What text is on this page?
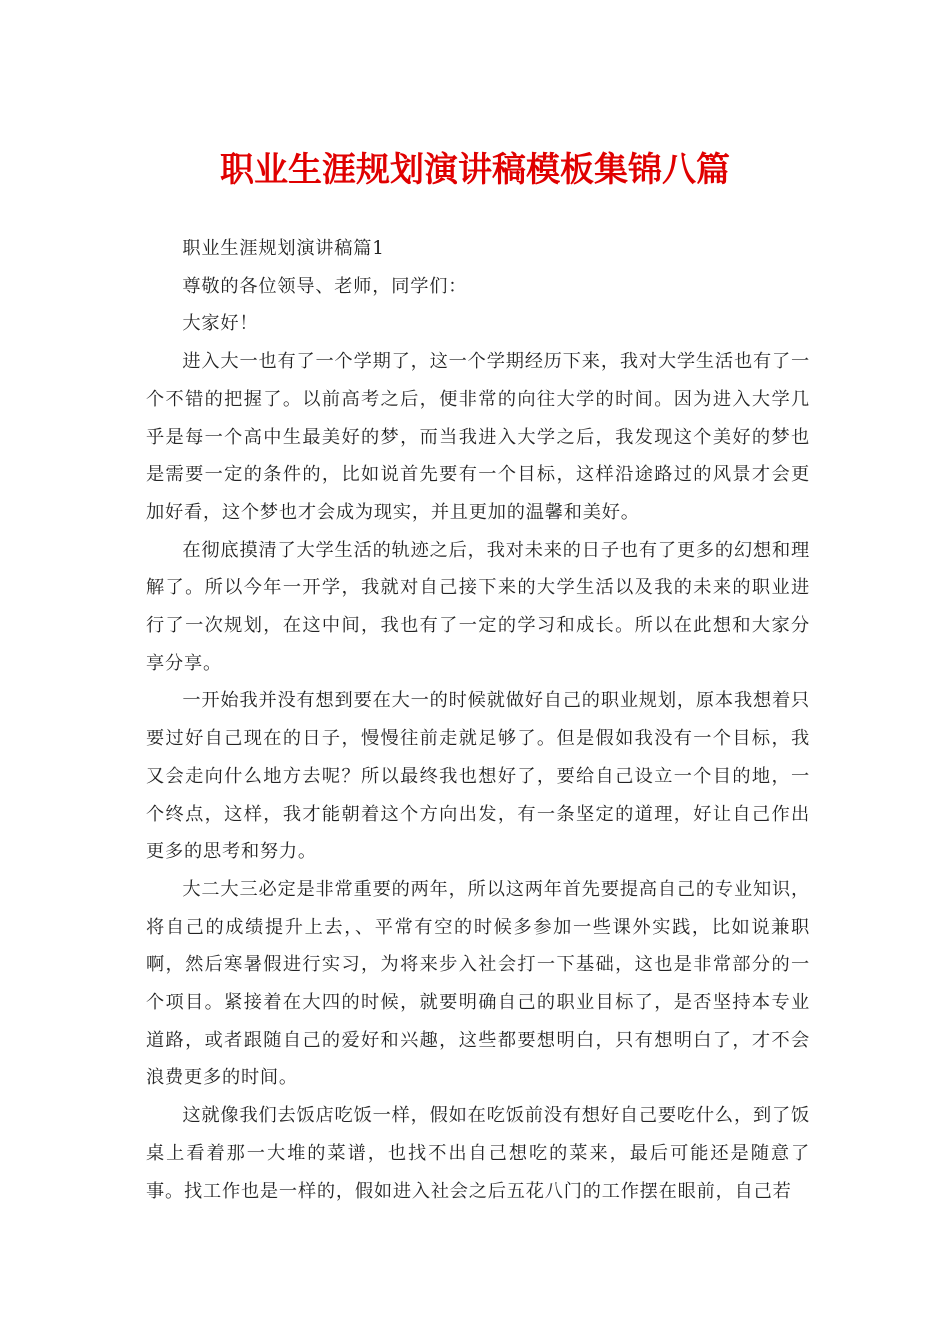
职业生涯规划演讲稿模板集锦八篇

职业生涯规划演讲稿篇1

尊敬的各位领导、老师，同学们：

大家好！

进入大一也有了一个学期了，这一个学期经历下来，我对大学生活也有了一个不错的把握了。以前高考之后，便非常的向往大学的时间。因为进入大学几乎是每一个高中生最美好的梦，而当我进入大学之后，我发现这个美好的梦也是需要一定的条件的，比如说首先要有一个目标，这样沿途路过的风景才会更加好看，这个梦也才会成为现实，并且更加的温馨和美好。

在彻底摸清了大学生活的轨迹之后，我对未来的日子也有了更多的幻想和理解了。所以今年一开学，我就对自己接下来的大学生活以及我的未来的职业进行了一次规划，在这中间，我也有了一定的学习和成长。所以在此想和大家分享分享。

一开始我并没有想到要在大一的时候就做好自己的职业规划，原本我想着只要过好自己现在的日子，慢慢往前走就足够了。但是假如我没有一个目标，我又会走向什么地方去呢？所以最终我也想好了，要给自己设立一个目的地，一个终点，这样，我才能朝着这个方向出发，有一条坚定的道理，好让自己作出更多的思考和努力。

大二大三必定是非常重要的两年，所以这两年首先要提高自己的专业知识，将自己的成绩提升上去，、平常有空的时候多参加一些课外实践，比如说兼职啊，然后寒暑假进行实习，为将来步入社会打一下基础，这也是非常部分的一个项目。紧接着在大四的时候，就要明确自己的职业目标了，是否坚持本专业道路，或者跟随自己的爱好和兴趣，这些都要想明白，只有想明白了，才不会浪费更多的时间。

这就像我们去饭店吃饭一样，假如在吃饭前没有想好自己要吃什么，到了饭桌上看着那一大堆的菜谱，也找不出自己想吃的菜来，最后可能还是随意了事。找工作也是一样的，假如进入社会之后五花八门的工作摆在眼前，自己若
